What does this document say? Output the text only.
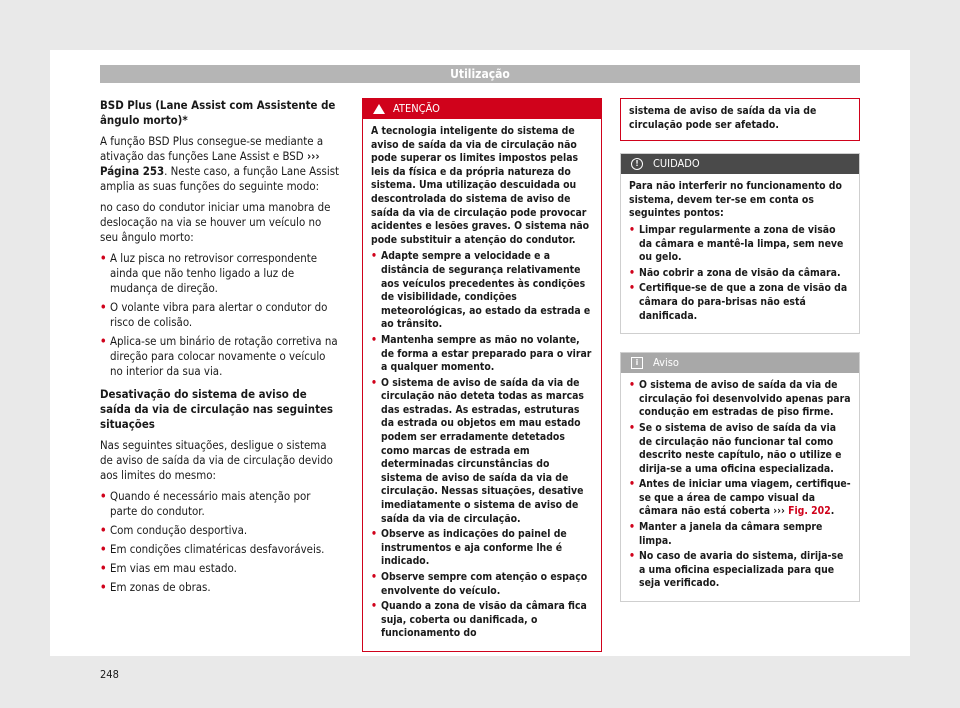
Utilização

BSD Plus (Lane Assist com Assistente de ângulo morto)*

A função BSD Plus consegue-se mediante a ativação das funções Lane Assist e BSD ››› Página 253. Neste caso, a função Lane Assist amplia as suas funções do seguinte modo:

no caso do condutor iniciar uma manobra de deslocação na via se houver um veículo no seu ângulo morto:

• A luz pisca no retrovisor correspondente ainda que não tenho ligado a luz de mudança de direção.
• O volante vibra para alertar o condutor do risco de colisão.
• Aplica-se um binário de rotação corretiva na direção para colocar novamente o veículo no interior da sua via.

Desativação do sistema de aviso de saída da via de circulação nas seguintes situações

Nas seguintes situações, desligue o sistema de aviso de saída da via de circulação devido aos limites do mesmo:

• Quando é necessário mais atenção por parte do condutor.
• Com condução desportiva.
• Em condições climatéricas desfavoráveis.
• Em vias em mau estado.
• Em zonas de obras.
ATENÇÃO

A tecnologia inteligente do sistema de aviso de saída da via de circulação não pode superar os limites impostos pelas leis da física e da própria natureza do sistema. Uma utilização descuidada ou descontrolada do sistema de aviso de saída da via de circulação pode provocar acidentes e lesões graves. O sistema não pode substituir a atenção do condutor.

• Adapte sempre a velocidade e a distância de segurança relativamente aos veículos precedentes às condições de visibilidade, condições meteorológicas, ao estado da estrada e ao trânsito.
• Mantenha sempre as mão no volante, de forma a estar preparado para o virar a qualquer momento.
• O sistema de aviso de saída da via de circulação não deteta todas as marcas das estradas. As estradas, estruturas da estrada ou objetos em mau estado podem ser erradamente detetados como marcas de estrada em determinadas circunstâncias do sistema de aviso de saída da via de circulação. Nessas situações, desative imediatamente o sistema de aviso de saída da via de circulação.
• Observe as indicações do painel de instrumentos e aja conforme lhe é indicado.
• Observe sempre com atenção o espaço envolvente do veículo.
• Quando a zona de visão da câmara fica suja, coberta ou danificada, o funcionamento do
sistema de aviso de saída da via de circulação pode ser afetado.
!	CUIDADO

Para não interferir no funcionamento do sistema, devem ter-se em conta os seguintes pontos:

• Limpar regularmente a zona de visão da câmara e mantê-la limpa, sem neve ou gelo.
• Não cobrir a zona de visão da câmara.
• Certifique-se de que a zona de visão da câmara do para-brisas não está danificada.
i	Aviso
• O sistema de aviso de saída da via de circulação foi desenvolvido apenas para condução em estradas de piso firme.
• Se o sistema de aviso de saída da via de circulação não funcionar tal como descrito neste capítulo, não o utilize e dirija-se a uma oficina especializada.
• Antes de iniciar uma viagem, certifique-se que a área de campo visual da câmara não está coberta ››› Fig. 202.
• Manter a janela da câmara sempre limpa.
• No caso de avaria do sistema, dirija-se a uma oficina especializada para que seja verificado.
248
